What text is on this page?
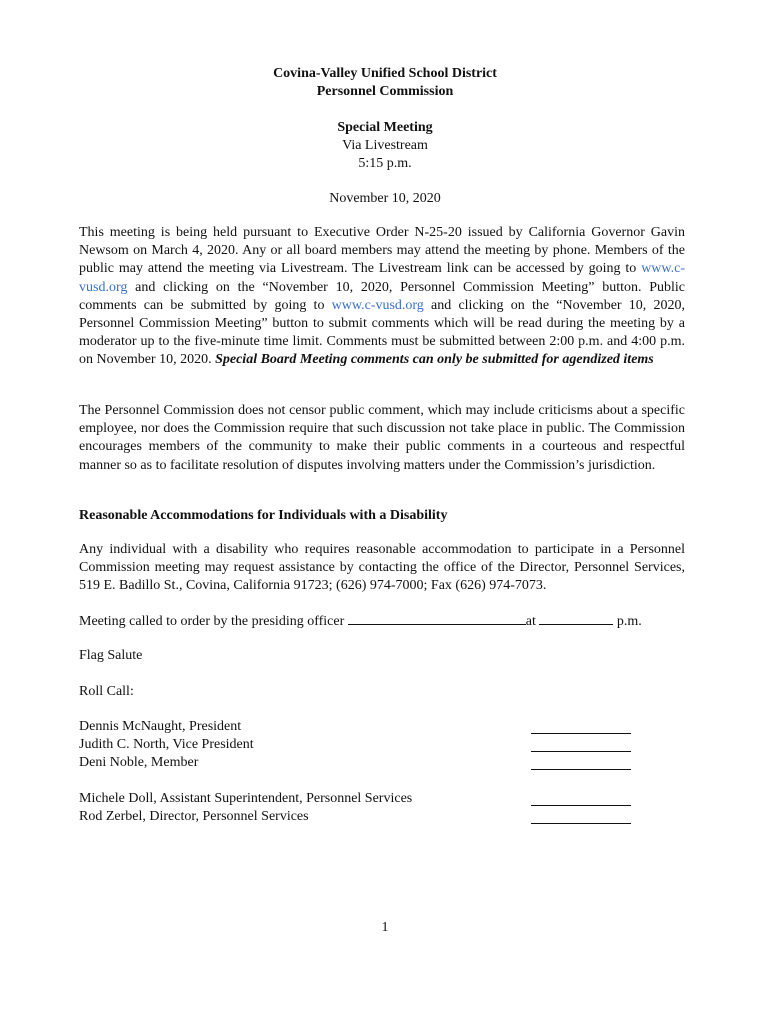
Covina-Valley Unified School District
Personnel Commission
Special Meeting
Via Livestream
5:15 p.m.
November 10, 2020
This meeting is being held pursuant to Executive Order N-25-20 issued by California Governor Gavin Newsom on March 4, 2020. Any or all board members may attend the meeting by phone. Members of the public may attend the meeting via Livestream. The Livestream link can be accessed by going to www.c-vusd.org and clicking on the “November 10, 2020, Personnel Commission Meeting” button. Public comments can be submitted by going to www.c-vusd.org and clicking on the “November 10, 2020, Personnel Commission Meeting” button to submit comments which will be read during the meeting by a moderator up to the five-minute time limit. Comments must be submitted between 2:00 p.m. and 4:00 p.m. on November 10, 2020. Special Board Meeting comments can only be submitted for agendized items
The Personnel Commission does not censor public comment, which may include criticisms about a specific employee, nor does the Commission require that such discussion not take place in public. The Commission encourages members of the community to make their public comments in a courteous and respectful manner so as to facilitate resolution of disputes involving matters under the Commission’s jurisdiction.
Reasonable Accommodations for Individuals with a Disability
Any individual with a disability who requires reasonable accommodation to participate in a Personnel Commission meeting may request assistance by contacting the office of the Director, Personnel Services, 519 E. Badillo St., Covina, California 91723; (626) 974-7000; Fax (626) 974-7073.
Meeting called to order by the presiding officer	at	p.m.
Flag Salute
Roll Call:
Dennis McNaught, President
Judith C. North, Vice President
Deni Noble, Member
Michele Doll, Assistant Superintendent, Personnel Services
Rod Zerbel, Director, Personnel Services
1
